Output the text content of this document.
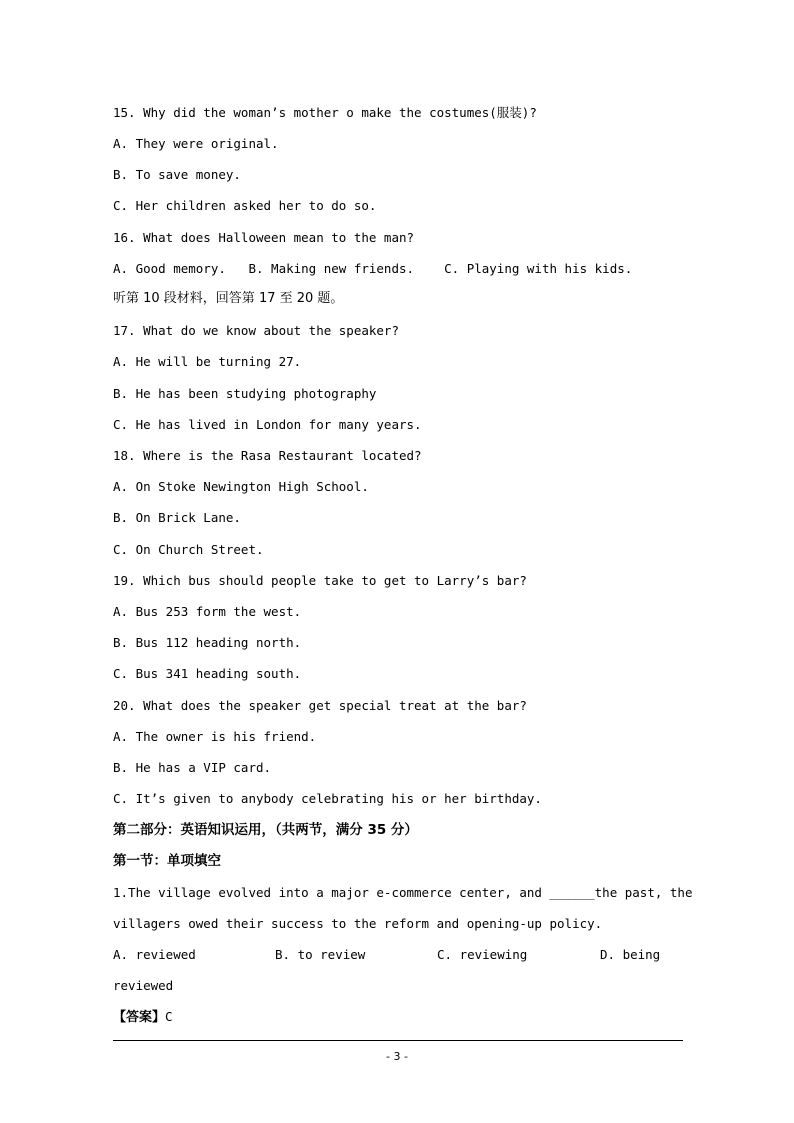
15. Why did the woman’s mother o make the costumes(服装)?
A. They were original.
B. To save money.
C. Her children asked her to do so.
16. What does Halloween mean to the man?
A. Good memory.   B. Making new friends.    C. Playing with his kids.
听第 10 段材料，回答第 17 至 20 题。
17. What do we know about the speaker?
A. He will be turning 27.
B. He has been studying photography
C. He has lived in London for many years.
18. Where is the Rasa Restaurant located?
A. On Stoke Newington High School.
B. On Brick Lane.
C. On Church Street.
19. Which bus should people take to get to Larry’s bar?
A. Bus 253 form the west.
B. Bus 112 heading north.
C. Bus 341 heading south.
20. What does the speaker get special treat at the bar?
A. The owner is his friend.
B. He has a VIP card.
C. It’s given to anybody celebrating his or her birthday.
第二部分：英语知识运用，（共两节，满分 35 分）
第一节：单项填空
1.The village evolved into a major e-commerce center, and ______the past, the
villagers owed their success to the reform and opening-up policy.
A. reviewed	B. to review	C. reviewing	D. being
reviewed
【答案】C
- 3 -
